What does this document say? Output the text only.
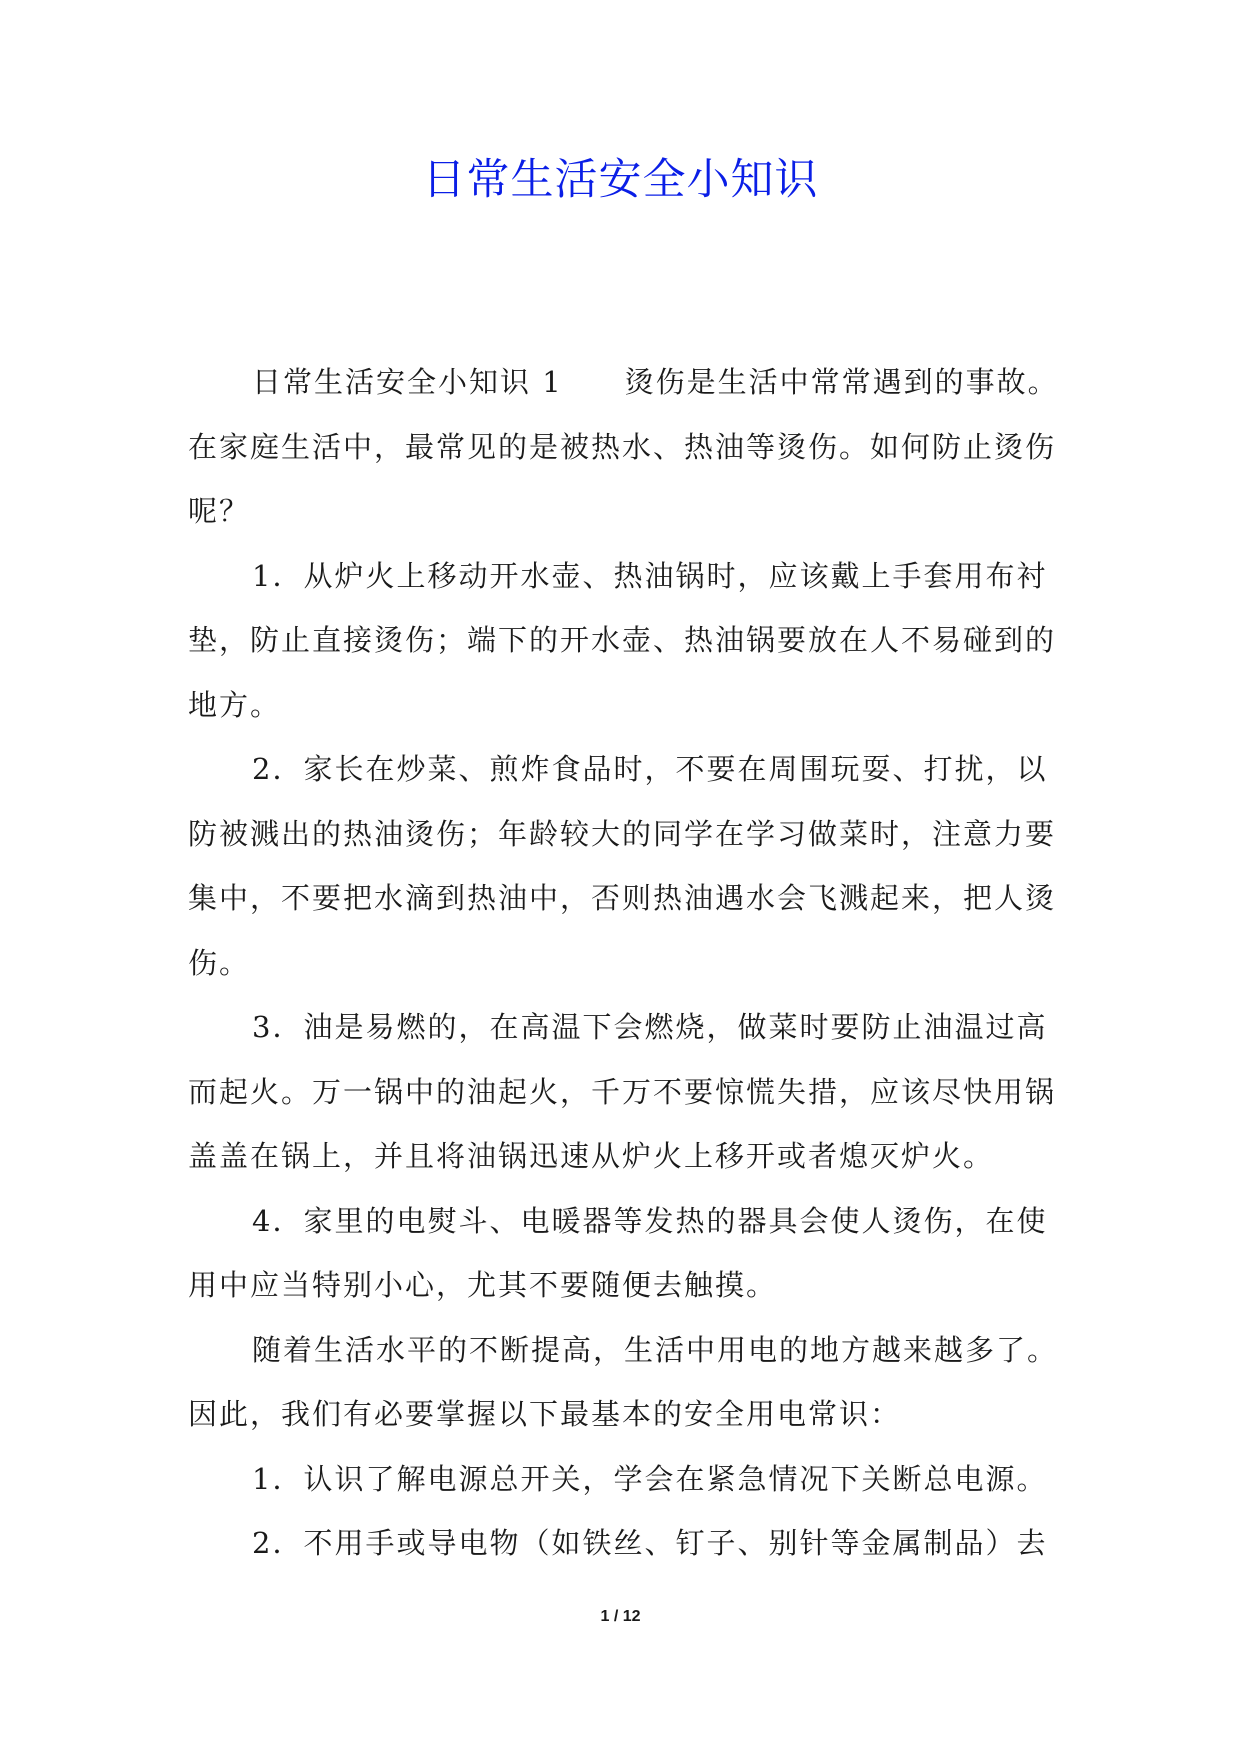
日常生活安全小知识
日常生活安全小知识 1　　烫伤是生活中常常遇到的事故。
在家庭生活中，最常见的是被热水、热油等烫伤。如何防止烫伤
呢？
1．从炉火上移动开水壶、热油锅时，应该戴上手套用布衬
垫，防止直接烫伤；端下的开水壶、热油锅要放在人不易碰到的
地方。
2．家长在炒菜、煎炸食品时，不要在周围玩耍、打扰，以
防被溅出的热油烫伤；年龄较大的同学在学习做菜时，注意力要
集中，不要把水滴到热油中，否则热油遇水会飞溅起来，把人烫
伤。
3．油是易燃的，在高温下会燃烧，做菜时要防止油温过高
而起火。万一锅中的油起火，千万不要惊慌失措，应该尽快用锅
盖盖在锅上，并且将油锅迅速从炉火上移开或者熄灭炉火。
4．家里的电熨斗、电暖器等发热的器具会使人烫伤，在使
用中应当特别小心，尤其不要随便去触摸。
随着生活水平的不断提高，生活中用电的地方越来越多了。
因此，我们有必要掌握以下最基本的安全用电常识：
1．认识了解电源总开关，学会在紧急情况下关断总电源。
2．不用手或导电物（如铁丝、钉子、别针等金属制品）去
1 / 12
